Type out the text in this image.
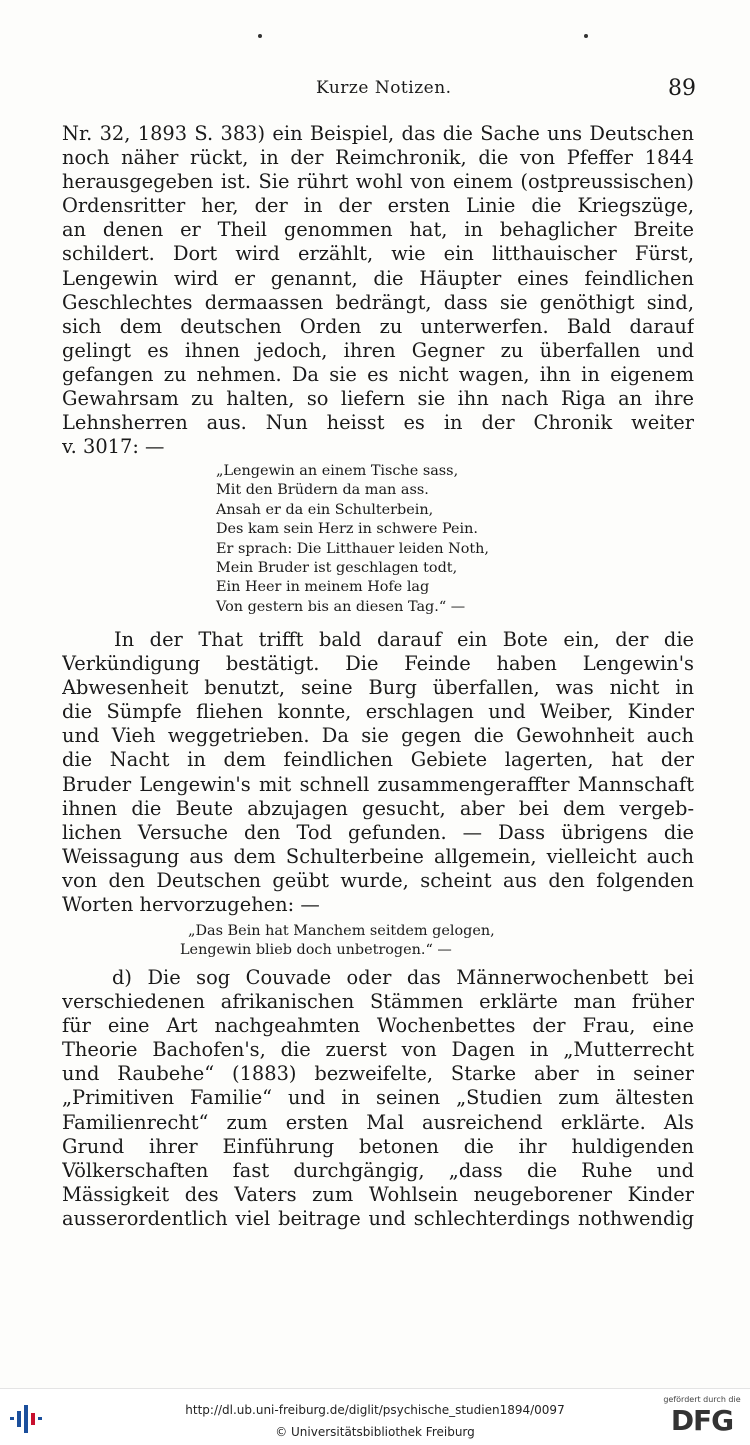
Kurze Notizen.	89
Nr. 32, 1893 S. 383) ein Beispiel, das die Sache uns Deutschen
noch näher rückt, in der Reimchronik, die von Pfeffer 1844
herausgegeben ist. Sie rührt wohl von einem (ostpreussischen)
Ordensritter her, der in der ersten Linie die Kriegszüge,
an denen er Theil genommen hat, in behaglicher Breite
schildert. Dort wird erzählt, wie ein litthauischer Fürst,
Lengewin wird er genannt, die Häupter eines feindlichen
Geschlechtes dermaassen bedrängt, dass sie genöthigt sind,
sich dem deutschen Orden zu unterwerfen. Bald darauf
gelingt es ihnen jedoch, ihren Gegner zu überfallen und
gefangen zu nehmen. Da sie es nicht wagen, ihn in eigenem
Gewahrsam zu halten, so liefern sie ihn nach Riga an ihre
Lehnsherren aus. Nun heisst es in der Chronik weiter
v. 3017: —
„Lengewin an einem Tische sass,
Mit den Brüdern da man ass.
Ansah er da ein Schulterbein,
Des kam sein Herz in schwere Pein.
Er sprach: Die Litthauer leiden Noth,
Mein Bruder ist geschlagen todt,
Ein Heer in meinem Hofe lag
Von gestern bis an diesen Tag.“ —
In der That trifft bald darauf ein Bote ein, der die
Verkündigung bestätigt. Die Feinde haben Lengewin's
Abwesenheit benutzt, seine Burg überfallen, was nicht in
die Sümpfe fliehen konnte, erschlagen und Weiber, Kinder
und Vieh weggetrieben. Da sie gegen die Gewohnheit auch
die Nacht in dem feindlichen Gebiete lagerten, hat der
Bruder Lengewin's mit schnell zusammengeraffter Mannschaft
ihnen die Beute abzujagen gesucht, aber bei dem vergeb-
lichen Versuche den Tod gefunden. — Dass übrigens die
Weissagung aus dem Schulterbeine allgemein, vielleicht auch
von den Deutschen geübt wurde, scheint aus den folgenden
Worten hervorzugehen: —
„Das Bein hat Manchem seitdem gelogen,
Lengewin blieb doch unbetrogen.“ —
d) Die sog Couvade oder das Männerwochenbett bei
verschiedenen afrikanischen Stämmen erklärte man früher
für eine Art nachgeahmten Wochenbettes der Frau, eine
Theorie Bachofen's, die zuerst von Dagen in „Mutterrecht
und Raubehe“ (1883) bezweifelte, Starke aber in seiner
„Primitiven Familie“ und in seinen „Studien zum ältesten
Familienrecht“ zum ersten Mal ausreichend erklärte. Als
Grund ihrer Einführung betonen die ihr huldigenden
Völkerschaften fast durchgängig, „dass die Ruhe und
Mässigkeit des Vaters zum Wohlsein neugeborener Kinder
ausserordentlich viel beitrage und schlechterdings nothwendig
http://dl.ub.uni-freiburg.de/diglit/psychische_studien1894/0097
© Universitätsbibliothek Freiburg
gefördert durch die
DFG
